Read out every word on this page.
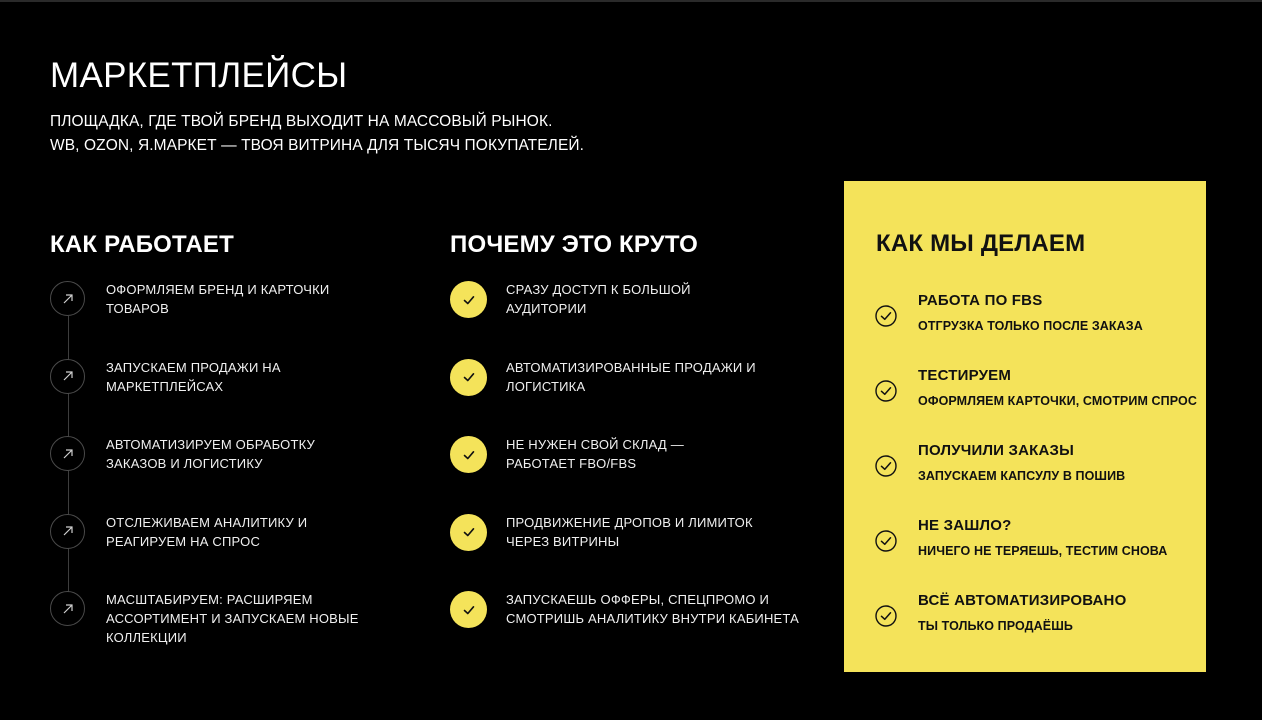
МАРКЕТПЛЕЙСЫ
ПЛОЩАДКА, ГДЕ ТВОЙ БРЕНД ВЫХОДИТ НА МАССОВЫЙ РЫНОК.
WB, OZON, Я.МАРКЕТ — ТВОЯ ВИТРИНА ДЛЯ ТЫСЯЧ ПОКУПАТЕЛЕЙ.
КАК РАБОТАЕТ
ОФОРМЛЯЕМ БРЕНД И КАРТОЧКИ
ТОВАРОВ
ЗАПУСКАЕМ ПРОДАЖИ НА
МАРКЕТПЛЕЙСАХ
АВТОМАТИЗИРУЕМ ОБРАБОТКУ
ЗАКАЗОВ И ЛОГИСТИКУ
ОТСЛЕЖИВАЕМ АНАЛИТИКУ И
РЕАГИРУЕМ НА СПРОС
МАСШТАБИРУЕМ: РАСШИРЯЕМ
АССОРТИМЕНТ И ЗАПУСКАЕМ НОВЫЕ
КОЛЛЕКЦИИ
ПОЧЕМУ ЭТО КРУТО
СРАЗУ ДОСТУП К БОЛЬШОЙ
АУДИТОРИИ
АВТОМАТИЗИРОВАННЫЕ ПРОДАЖИ И
ЛОГИСТИКА
НЕ НУЖЕН СВОЙ СКЛАД —
РАБОТАЕТ FBO/FBS
ПРОДВИЖЕНИЕ ДРОПОВ И ЛИМИТОК
ЧЕРЕЗ ВИТРИНЫ
ЗАПУСКАЕШЬ ОФФЕРЫ, СПЕЦПРОМО И
СМОТРИШЬ АНАЛИТИКУ ВНУТРИ КАБИНЕТА
КАК МЫ ДЕЛАЕМ
РАБОТА ПО FBS
ОТГРУЗКА ТОЛЬКО ПОСЛЕ ЗАКАЗА
ТЕСТИРУЕМ
ОФОРМЛЯЕМ КАРТОЧКИ, СМОТРИМ СПРОС
ПОЛУЧИЛИ ЗАКАЗЫ
ЗАПУСКАЕМ КАПСУЛУ В ПОШИВ
НЕ ЗАШЛО?
НИЧЕГО НЕ ТЕРЯЕШЬ, ТЕСТИМ СНОВА
ВСЁ АВТОМАТИЗИРОВАНО
ТЫ ТОЛЬКО ПРОДАЁШЬ
